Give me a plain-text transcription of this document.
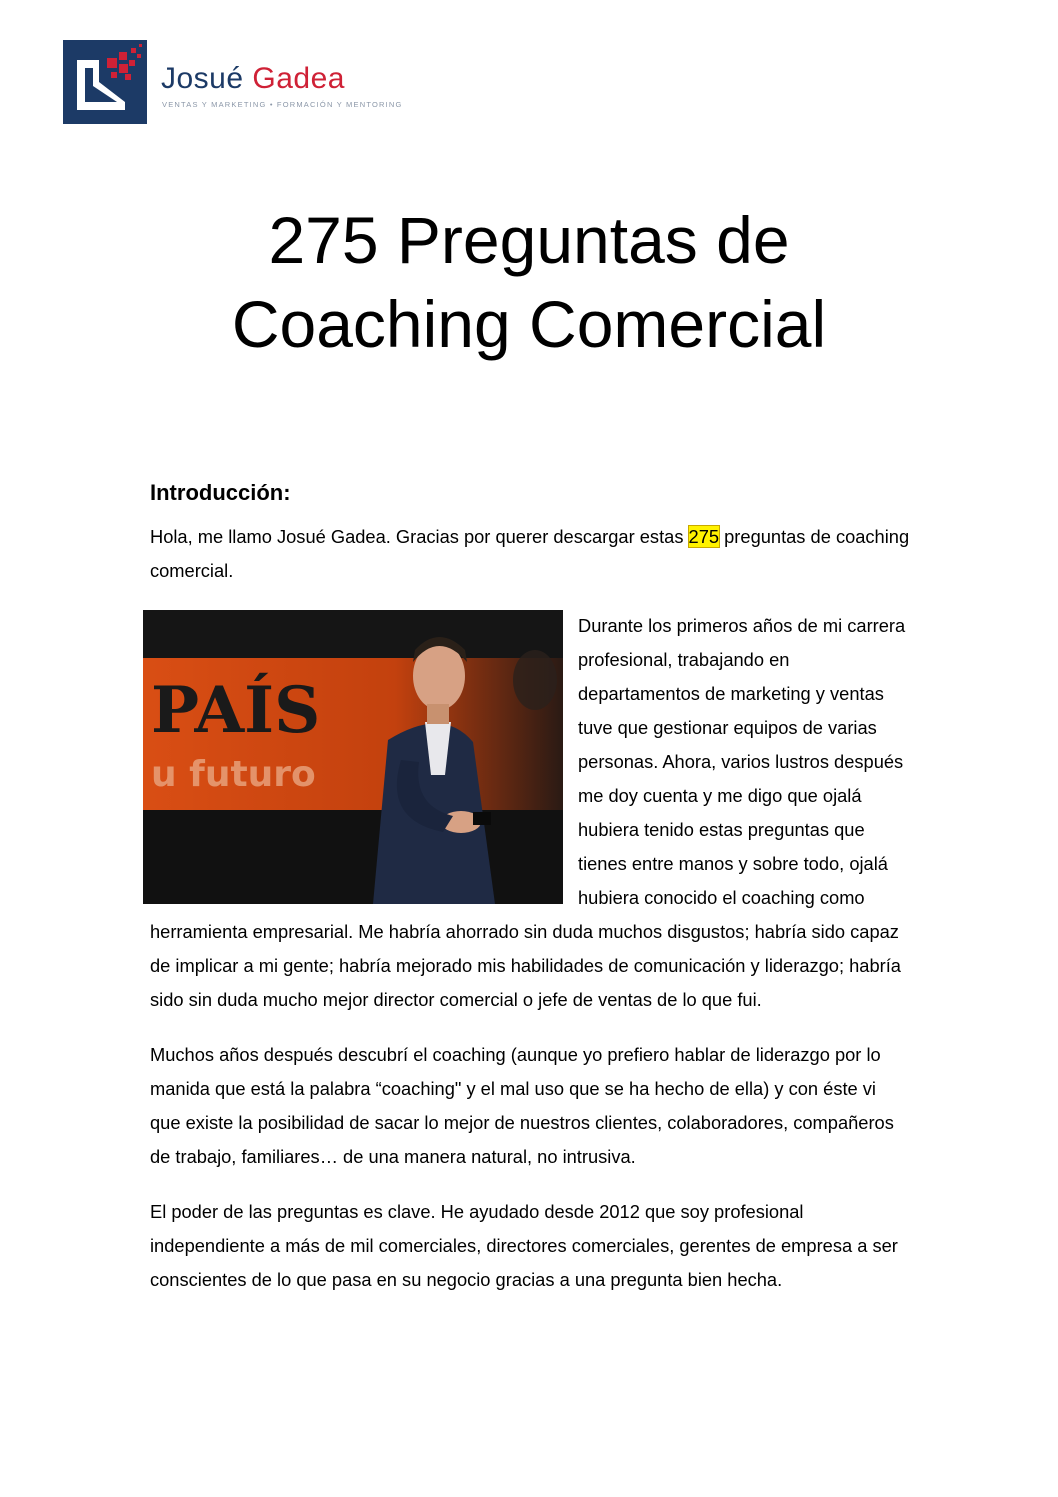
Josué Gadea
VENTAS Y MARKETING • FORMACIÓN Y MENTORING
275 Preguntas de
Coaching Comercial
Introducción:

Hola, me llamo Josué Gadea. Gracias por querer descargar estas 275 preguntas de coaching comercial.

PAÍS
u futuro

Durante los primeros años de mi carrera profesional, trabajando en departamentos de marketing y ventas tuve que gestionar equipos de varias personas. Ahora, varios lustros después me doy cuenta y me digo que ojalá hubiera tenido estas preguntas que tienes entre manos y sobre todo, ojalá hubiera conocido el coaching como herramienta empresarial. Me habría ahorrado sin duda muchos disgustos; habría sido capaz de implicar a mi gente; habría mejorado mis habilidades de comunicación y liderazgo; habría sido sin duda mucho mejor director comercial o jefe de ventas de lo que fui.

Muchos años después descubrí el coaching (aunque yo prefiero hablar de liderazgo por lo manida que está la palabra “coaching" y el mal uso que se ha hecho de ella) y con éste vi que existe la posibilidad de sacar lo mejor de nuestros clientes, colaboradores, compañeros de trabajo, familiares… de una manera natural, no intrusiva.

El poder de las preguntas es clave. He ayudado desde 2012 que soy profesional independiente a más de mil comerciales, directores comerciales, gerentes de empresa a ser conscientes de lo que pasa en su negocio gracias a una pregunta bien hecha.
